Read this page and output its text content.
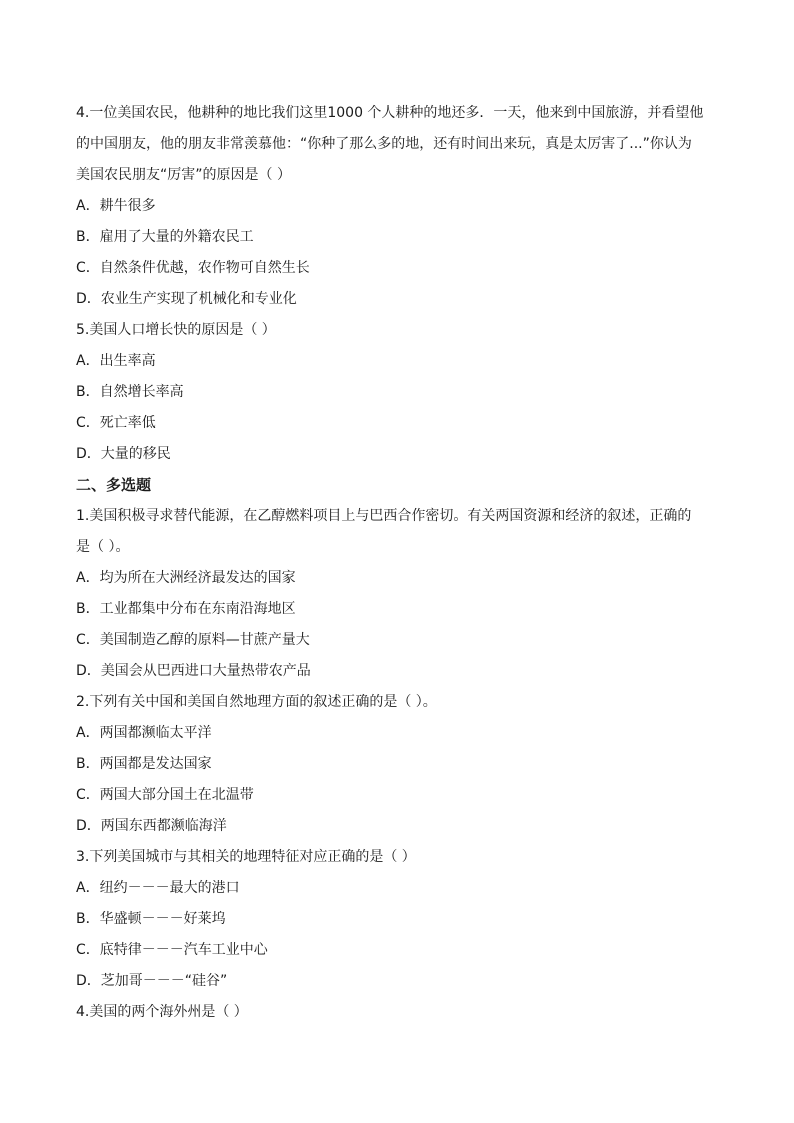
4.一位美国农民，他耕种的地比我们这里1000 个人耕种的地还多．一天，他来到中国旅游，并看望他
的中国朋友，他的朋友非常羡慕他：“你种了那么多的地，还有时间出来玩，真是太厉害了...”你认为
美国农民朋友“厉害”的原因是（ ）
A．耕牛很多
B．雇用了大量的外籍农民工
C．自然条件优越，农作物可自然生长
D．农业生产实现了机械化和专业化
5.美国人口增长快的原因是（ ）
A．出生率高
B．自然增长率高
C．死亡率低
D．大量的移民
二、多选题
1.美国积极寻求替代能源，在乙醇燃料项目上与巴西合作密切。有关两国资源和经济的叙述，正确的
是（ ）。
A．均为所在大洲经济最发达的国家
B．工业都集中分布在东南沿海地区
C．美国制造乙醇的原料—甘蔗产量大
D．美国会从巴西进口大量热带农产品
2.下列有关中国和美国自然地理方面的叙述正确的是（ ）。
A．两国都濒临太平洋
B．两国都是发达国家
C．两国大部分国土在北温带
D．两国东西都濒临海洋
3.下列美国城市与其相关的地理特征对应正确的是（ ）
A．纽约－－－最大的港口
B．华盛顿－－－好莱坞
C．底特律－－－汽车工业中心
D．芝加哥－－－“硅谷”
4.美国的两个海外州是（ ）
